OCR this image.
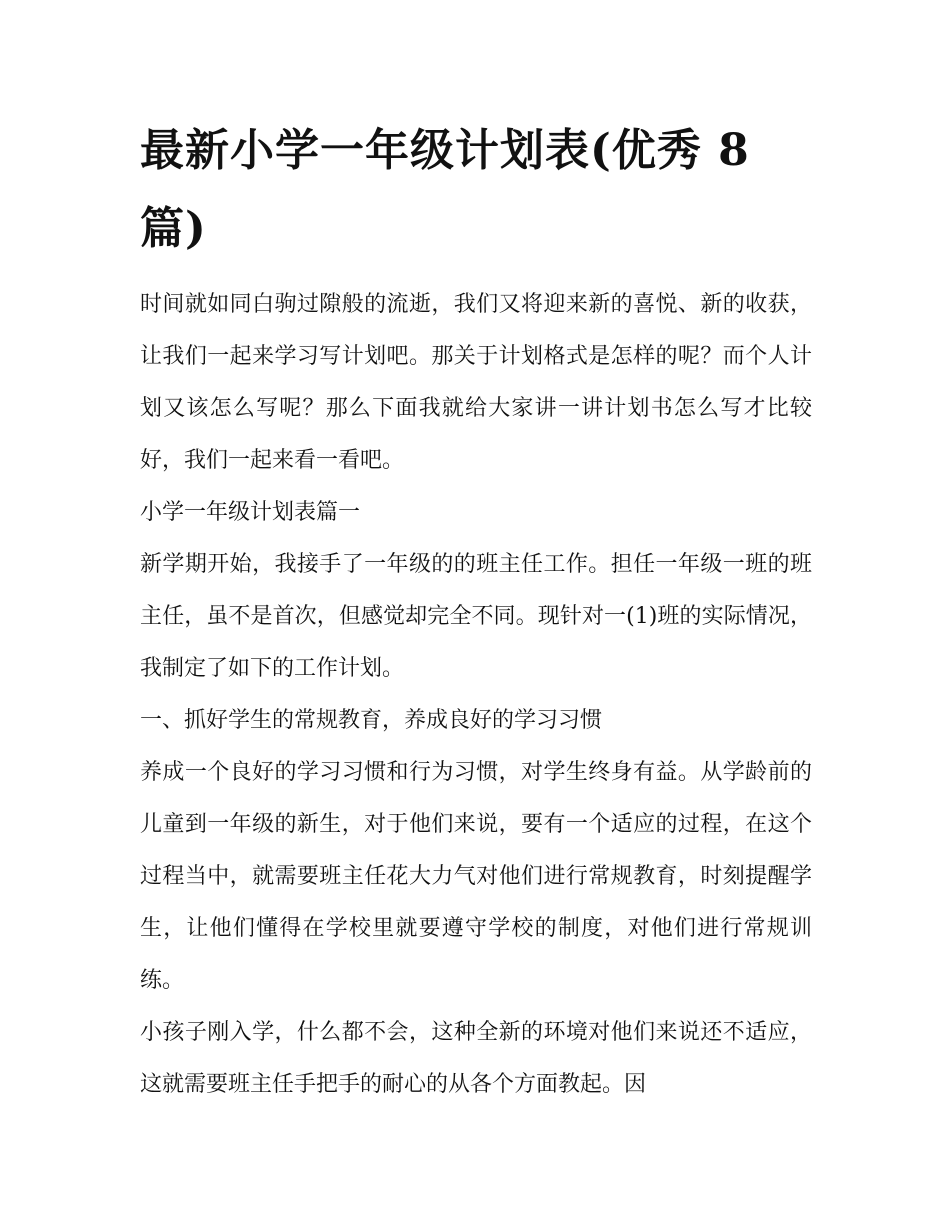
最新小学一年级计划表(优秀 8 篇)

时间就如同白驹过隙般的流逝，我们又将迎来新的喜悦、新的收获，让我们一起来学习写计划吧。那关于计划格式是怎样的呢？而个人计划又该怎么写呢？那么下面我就给大家讲一讲计划书怎么写才比较好，我们一起来看一看吧。

小学一年级计划表篇一

新学期开始，我接手了一年级的的班主任工作。担任一年级一班的班主任，虽不是首次，但感觉却完全不同。现针对一(1)班的实际情况，我制定了如下的工作计划。

一、抓好学生的常规教育，养成良好的学习习惯

养成一个良好的学习习惯和行为习惯，对学生终身有益。从学龄前的儿童到一年级的新生，对于他们来说，要有一个适应的过程，在这个过程当中，就需要班主任花大力气对他们进行常规教育，时刻提醒学生，让他们懂得在学校里就要遵守学校的制度，对他们进行常规训练。

小孩子刚入学，什么都不会，这种全新的环境对他们来说还不适应，这就需要班主任手把手的耐心的从各个方面教起。因
